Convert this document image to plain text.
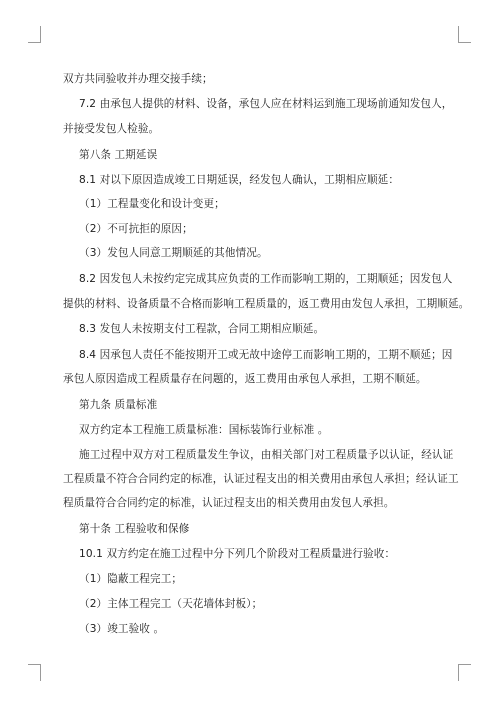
双方共同验收并办理交接手续；
7.2 由承包人提供的材料、设备，承包人应在材料运到施工现场前通知发包人，
并接受发包人检验。
第八条 工期延误
8.1 对以下原因造成竣工日期延误，经发包人确认，工期相应顺延：
（1）工程量变化和设计变更；
（2）不可抗拒的原因；
（3）发包人同意工期顺延的其他情况。
8.2 因发包人未按约定完成其应负责的工作而影响工期的，工期顺延；因发包人
提供的材料、设备质量不合格而影响工程质量的，返工费用由发包人承担，工期顺延。
8.3 发包人未按期支付工程款，合同工期相应顺延。
8.4 因承包人责任不能按期开工或无故中途停工而影响工期的，工期不顺延；因
承包人原因造成工程质量存在问题的，返工费用由承包人承担，工期不顺延。
第九条 质量标准
双方约定本工程施工质量标准：国标装饰行业标准 。
施工过程中双方对工程质量发生争议，由相关部门对工程质量予以认证，经认证
工程质量不符合合同约定的标准，认证过程支出的相关费用由承包人承担；经认证工
程质量符合合同约定的标准，认证过程支出的相关费用由发包人承担。
第十条 工程验收和保修
10.1 双方约定在施工过程中分下列几个阶段对工程质量进行验收：
（1）隐蔽工程完工；
（2）主体工程完工（天花墙体封板）；
（3）竣工验收 。
